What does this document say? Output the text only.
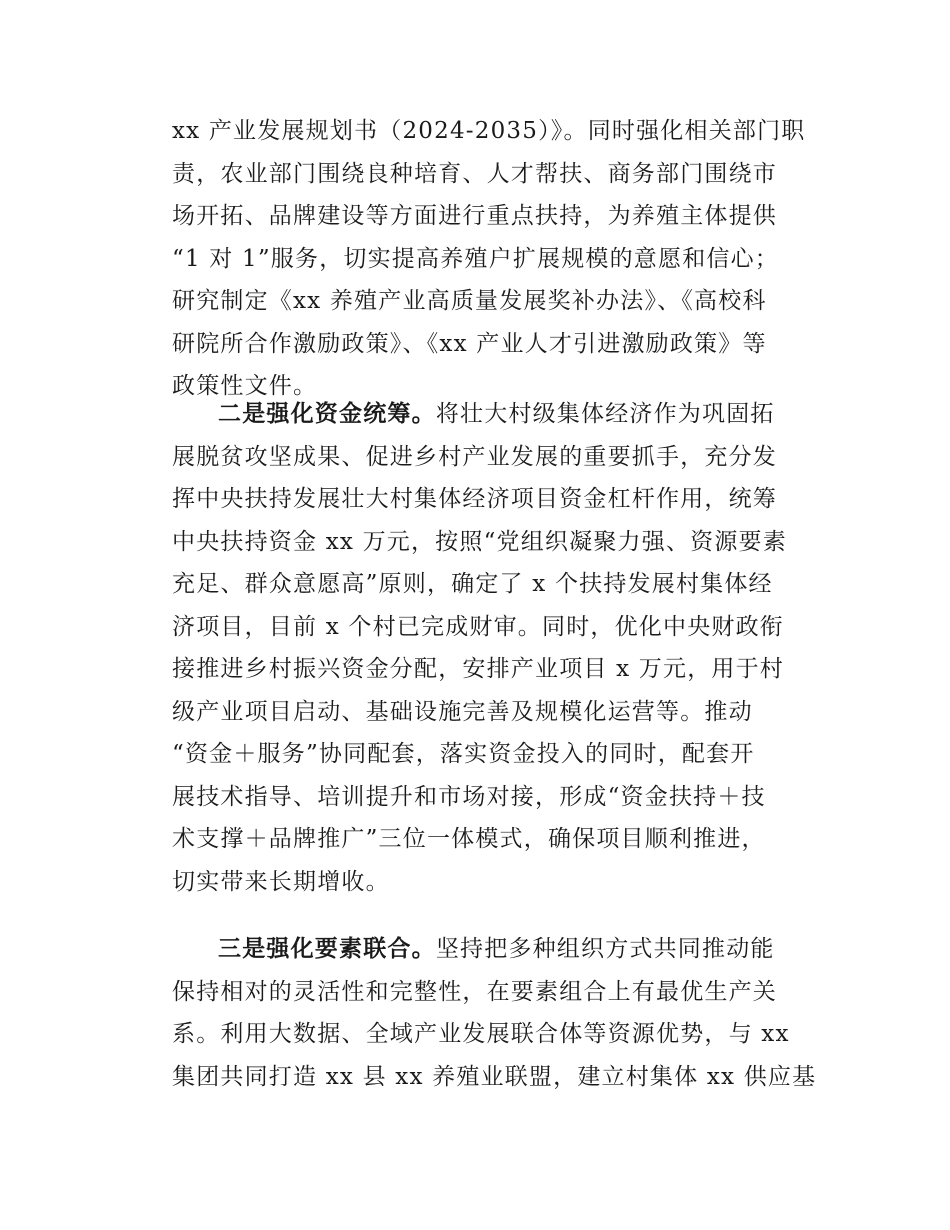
xx 产业发展规划书（2024-2035）》。同时强化相关部门职
责，农业部门围绕良种培育、人才帮扶、商务部门围绕市
场开拓、品牌建设等方面进行重点扶持，为养殖主体提供
“1 对 1”服务，切实提高养殖户扩展规模的意愿和信心；
研究制定《xx 养殖产业高质量发展奖补办法》、《高校科
研院所合作激励政策》、《xx 产业人才引进激励政策》等
政策性文件。
二是强化资金统筹。将壮大村级集体经济作为巩固拓
展脱贫攻坚成果、促进乡村产业发展的重要抓手，充分发
挥中央扶持发展壮大村集体经济项目资金杠杆作用，统筹
中央扶持资金 xx 万元，按照“党组织凝聚力强、资源要素
充足、群众意愿高”原则，确定了 x 个扶持发展村集体经
济项目，目前 x 个村已完成财审。同时，优化中央财政衔
接推进乡村振兴资金分配，安排产业项目 x 万元，用于村
级产业项目启动、基础设施完善及规模化运营等。推动
“资金＋服务”协同配套，落实资金投入的同时，配套开
展技术指导、培训提升和市场对接，形成“资金扶持＋技
术支撑＋品牌推广”三位一体模式，确保项目顺利推进，
切实带来长期增收。
三是强化要素联合。坚持把多种组织方式共同推动能
保持相对的灵活性和完整性，在要素组合上有最优生产关
系。利用大数据、全域产业发展联合体等资源优势，与 xx
集团共同打造 xx 县 xx 养殖业联盟，建立村集体 xx 供应基
